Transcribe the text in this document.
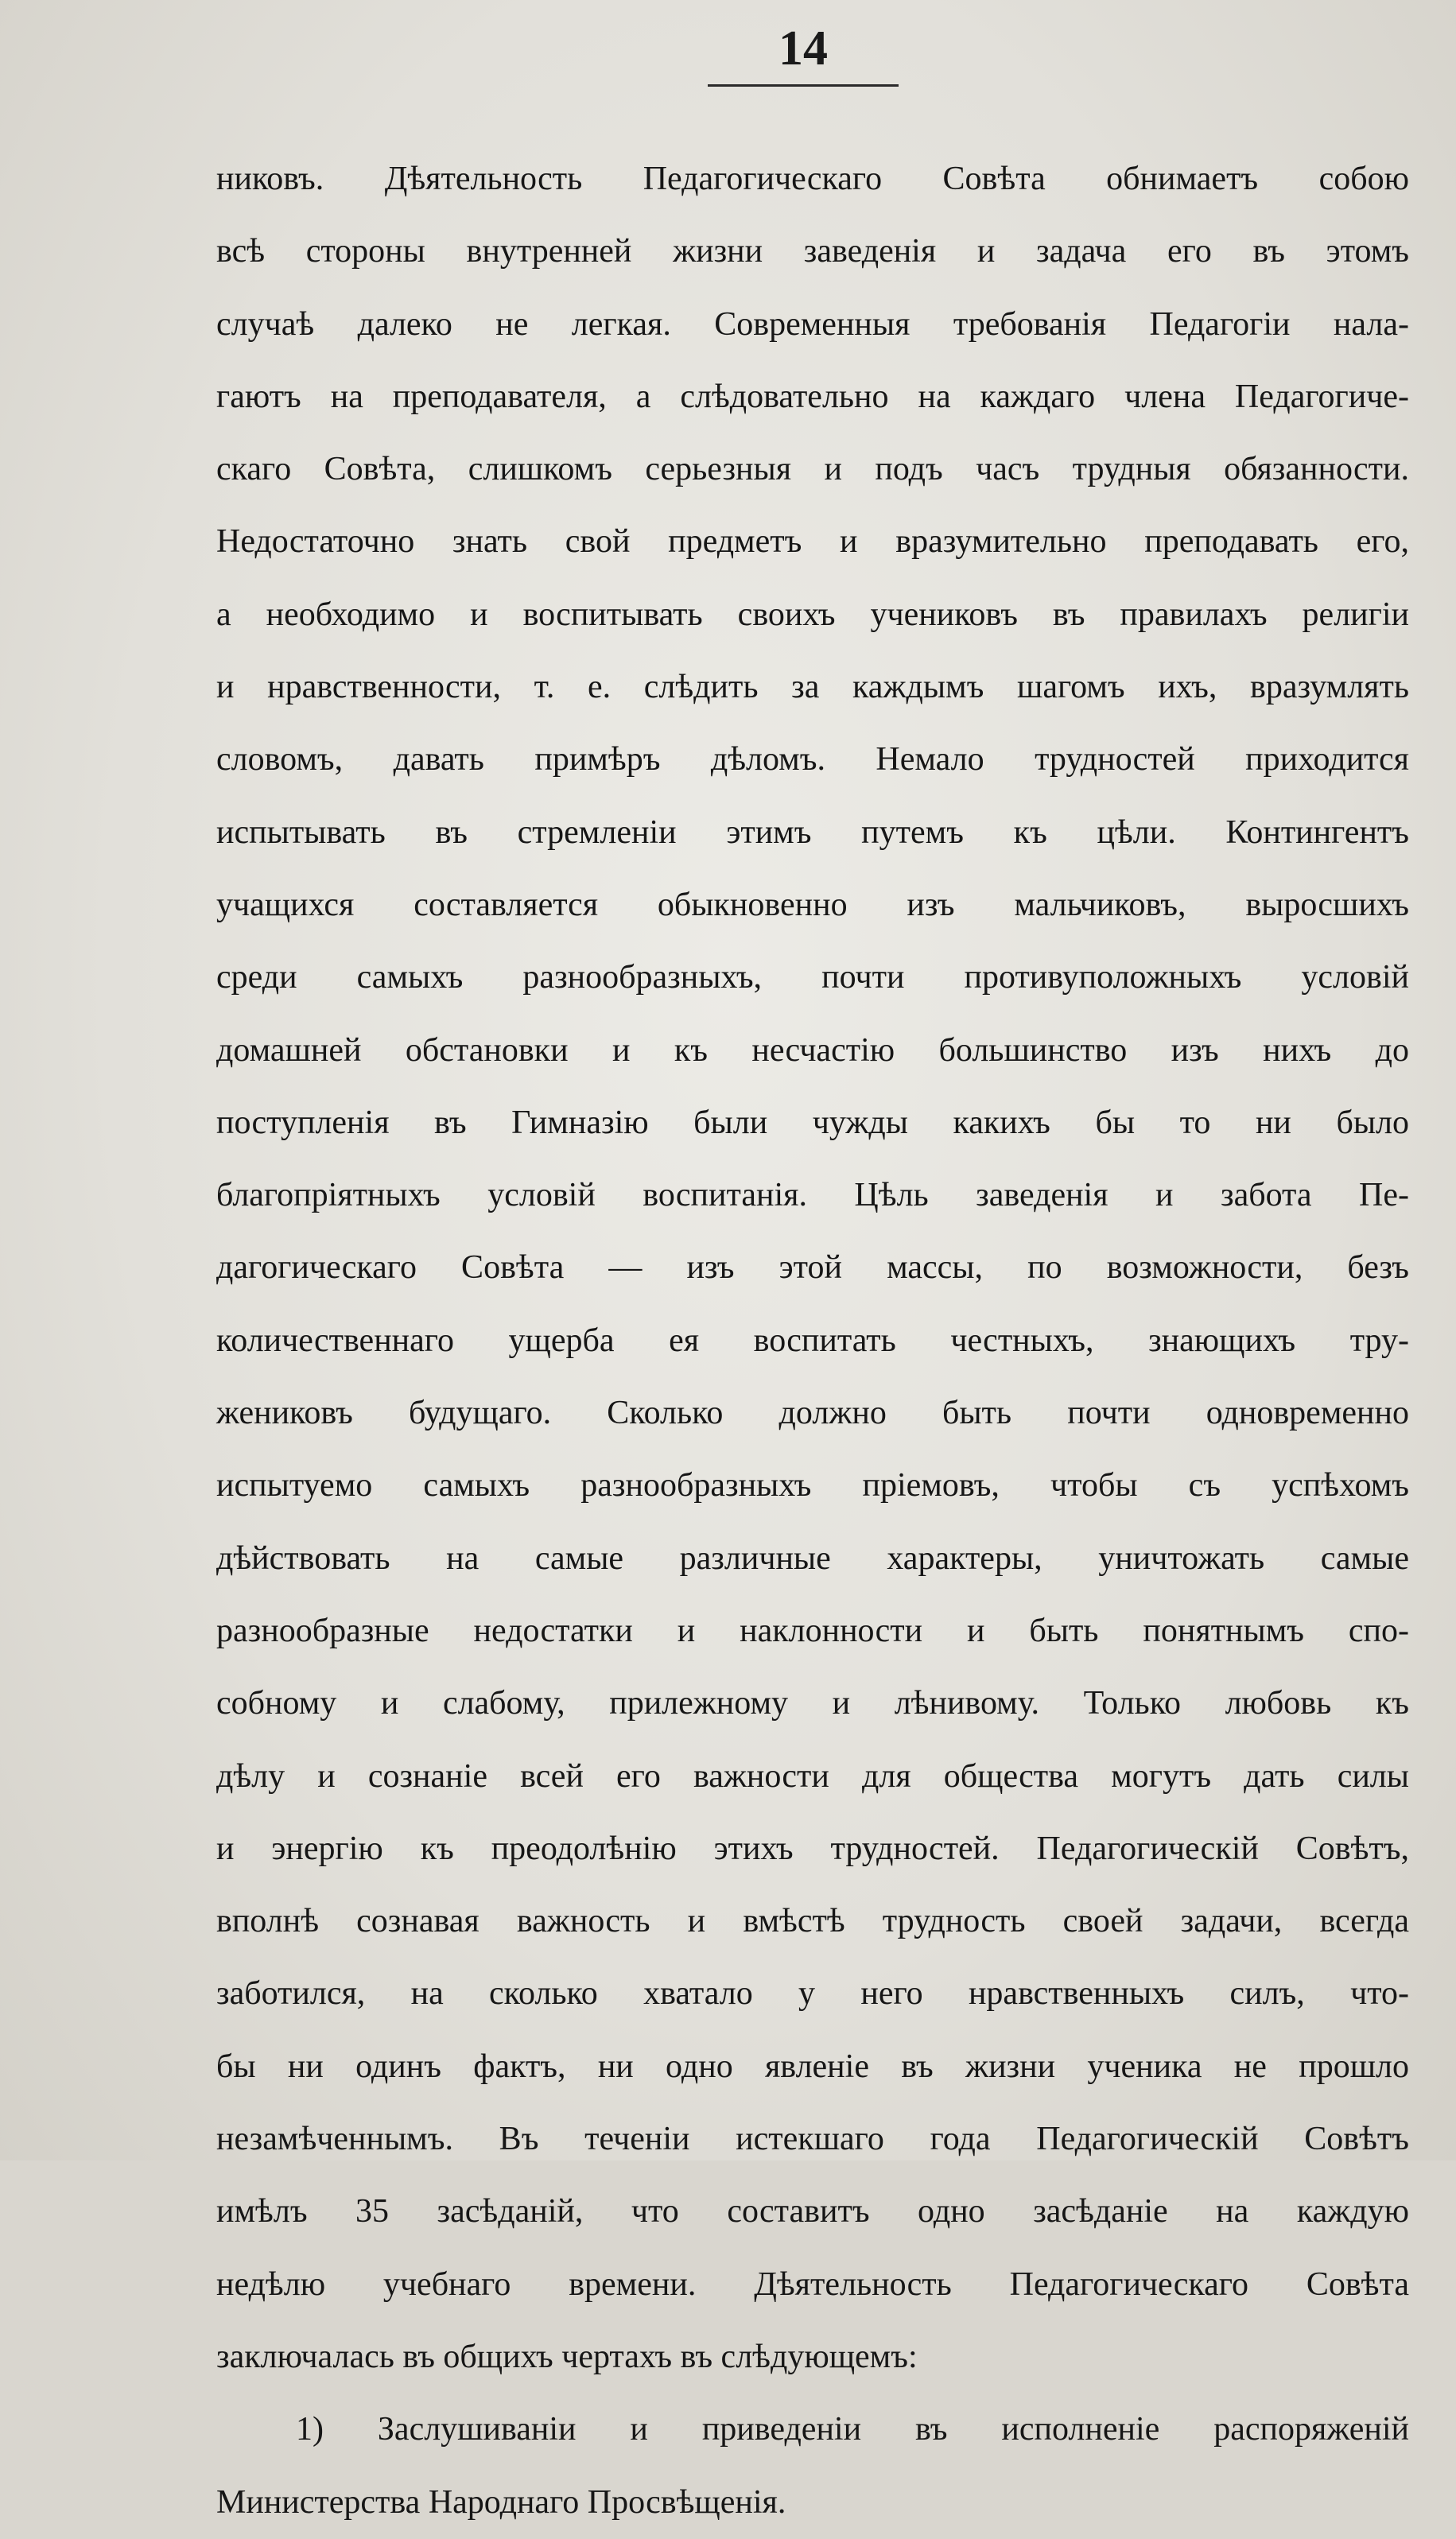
14
никовъ. Дѣятельность Педагогическаго Совѣта обнимаетъ собою
всѣ стороны внутренней жизни заведенія и задача его въ этомъ
случаѣ далеко не легкая. Современныя требованія Педагогіи нала-
гаютъ на преподавателя, а слѣдовательно на каждаго члена Педагогиче-
скаго Совѣта, слишкомъ серьезныя и подъ часъ трудныя обязанности.
Недостаточно знать свой предметъ и вразумительно преподавать его,
а необходимо и воспитывать своихъ учениковъ въ правилахъ религіи
и нравственности, т. е. слѣдить за каждымъ шагомъ ихъ, вразумлять
словомъ, давать примѣръ дѣломъ. Немало трудностей приходится
испытывать въ стремленіи этимъ путемъ къ цѣли. Контингентъ
учащихся составляется обыкновенно изъ мальчиковъ, выросшихъ
среди самыхъ разнообразныхъ, почти противуположныхъ условій
домашней обстановки и къ несчастію большинство изъ нихъ до
поступленія въ Гимназію были чужды какихъ бы то ни было
благопріятныхъ условій воспитанія. Цѣль заведенія и забота Пе-
дагогическаго Совѣта — изъ этой массы, по возможности, безъ
количественнаго ущерба ея воспитать честныхъ, знающихъ тру-
жениковъ будущаго. Сколько должно быть почти одновременно
испытуемо самыхъ разнообразныхъ пріемовъ, чтобы съ успѣхомъ
дѣйствовать на самые различные характеры, уничтожать самые
разнообразные недостатки и наклонности и быть понятнымъ спо-
собному и слабому, прилежному и лѣнивому. Только любовь къ
дѣлу и сознаніе всей его важности для общества могутъ дать силы
и энергію къ преодолѣнію этихъ трудностей. Педагогическій Совѣтъ,
вполнѣ сознавая важность и вмѣстѣ трудность своей задачи, всегда
заботился, на сколько хватало у него нравственныхъ силъ, что-
бы ни одинъ фактъ, ни одно явленіе въ жизни ученика не прошло
незамѣченнымъ. Въ теченіи истекшаго года Педагогическій Совѣтъ
имѣлъ 35 засѣданій, что составитъ одно засѣданіе на каждую
недѣлю учебнаго времени. Дѣятельность Педагогическаго Совѣта
заключалась въ общихъ чертахъ въ слѣдующемъ:
1) Заслушиваніи и приведеніи въ исполненіе распоряженій
Министерства Народнаго Просвѣщенія.
